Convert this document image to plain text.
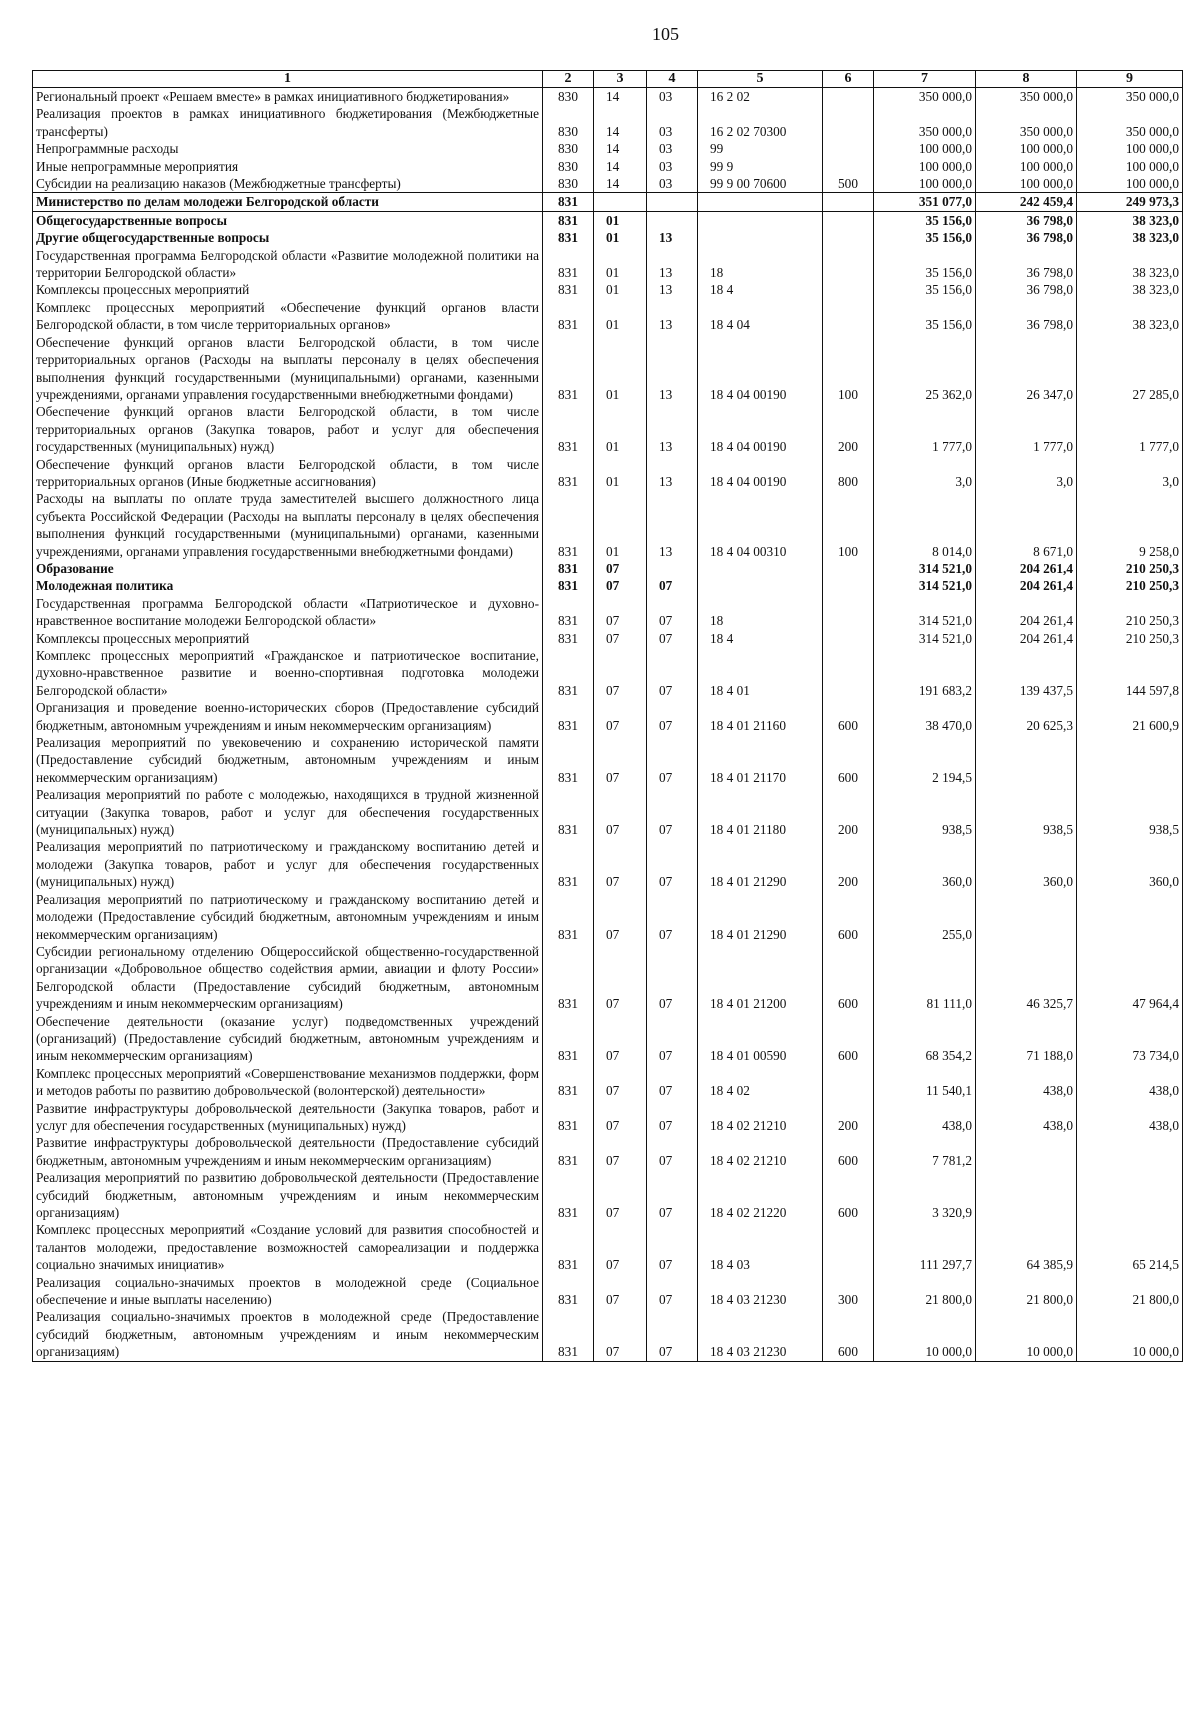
105
1	2	3	4	5	6	7	8	9
Региональный проект «Решаем вместе» в рамках инициативного бюджетирования»	830	14	03	16 2 02		350 000,0	350 000,0	350 000,0
Реализация проектов в рамках инициативного бюджетирования (Межбюджетные трансферты)	830	14	03	16 2 02 70300		350 000,0	350 000,0	350 000,0
Непрограммные расходы	830	14	03	99		100 000,0	100 000,0	100 000,0
Иные непрограммные мероприятия	830	14	03	99 9		100 000,0	100 000,0	100 000,0
Субсидии на реализацию наказов (Межбюджетные трансферты)	830	14	03	99 9 00 70600	500	100 000,0	100 000,0	100 000,0
Министерство по делам молодежи Белгородской области	831					351 077,0	242 459,4	249 973,3
Общегосударственные вопросы	831	01				35 156,0	36 798,0	38 323,0
Другие общегосударственные вопросы	831	01	13			35 156,0	36 798,0	38 323,0
Государственная программа Белгородской области «Развитие молодежной политики на территории Белгородской области»	831	01	13	18		35 156,0	36 798,0	38 323,0
Комплексы процессных мероприятий	831	01	13	18 4		35 156,0	36 798,0	38 323,0
Комплекс процессных мероприятий «Обеспечение функций органов власти Белгородской области, в том числе территориальных органов»	831	01	13	18 4 04		35 156,0	36 798,0	38 323,0
Обеспечение функций органов власти Белгородской области, в том числе территориальных органов (Расходы на выплаты персоналу в целях обеспечения выполнения функций государственными (муниципальными) органами, казенными учреждениями, органами управления государственными внебюджетными фондами)	831	01	13	18 4 04 00190	100	25 362,0	26 347,0	27 285,0
Обеспечение функций органов власти Белгородской области, в том числе территориальных органов (Закупка товаров, работ и услуг для обеспечения государственных (муниципальных) нужд)	831	01	13	18 4 04 00190	200	1 777,0	1 777,0	1 777,0
Обеспечение функций органов власти Белгородской области, в том числе территориальных органов (Иные бюджетные ассигнования)	831	01	13	18 4 04 00190	800	3,0	3,0	3,0
Расходы на выплаты по оплате труда заместителей высшего должностного лица субъекта Российской Федерации (Расходы на выплаты персоналу в целях обеспечения выполнения функций государственными (муниципальными) органами, казенными учреждениями, органами управления государственными внебюджетными фондами)	831	01	13	18 4 04 00310	100	8 014,0	8 671,0	9 258,0
Образование	831	07				314 521,0	204 261,4	210 250,3
Молодежная политика	831	07	07			314 521,0	204 261,4	210 250,3
Государственная программа Белгородской области «Патриотическое и духовно-нравственное воспитание молодежи Белгородской области»	831	07	07	18		314 521,0	204 261,4	210 250,3
Комплексы процессных мероприятий	831	07	07	18 4		314 521,0	204 261,4	210 250,3
Комплекс процессных мероприятий «Гражданское и патриотическое воспитание, духовно-нравственное развитие и военно-спортивная подготовка молодежи Белгородской области»	831	07	07	18 4 01		191 683,2	139 437,5	144 597,8
Организация и проведение военно-исторических сборов (Предоставление субсидий бюджетным, автономным учреждениям и иным некоммерческим организациям)	831	07	07	18 4 01 21160	600	38 470,0	20 625,3	21 600,9
Реализация мероприятий по увековечению и сохранению исторической памяти (Предоставление субсидий бюджетным, автономным учреждениям и иным некоммерческим организациям)	831	07	07	18 4 01 21170	600	2 194,5		
Реализация мероприятий по работе с молодежью, находящихся в трудной жизненной ситуации (Закупка товаров, работ и услуг для обеспечения государственных (муниципальных) нужд)	831	07	07	18 4 01 21180	200	938,5	938,5	938,5
Реализация мероприятий по патриотическому и гражданскому воспитанию детей и молодежи (Закупка товаров, работ и услуг для обеспечения государственных (муниципальных) нужд)	831	07	07	18 4 01 21290	200	360,0	360,0	360,0
Реализация мероприятий по патриотическому и гражданскому воспитанию детей и молодежи (Предоставление субсидий бюджетным, автономным учреждениям и иным некоммерческим организациям)	831	07	07	18 4 01 21290	600	255,0		
Субсидии региональному отделению Общероссийской общественно-государственной организации «Добровольное общество содействия армии, авиации и флоту России» Белгородской области (Предоставление субсидий бюджетным, автономным учреждениям и иным некоммерческим организациям)	831	07	07	18 4 01 21200	600	81 111,0	46 325,7	47 964,4
Обеспечение деятельности (оказание услуг) подведомственных учреждений (организаций) (Предоставление субсидий бюджетным, автономным учреждениям и иным некоммерческим организациям)	831	07	07	18 4 01 00590	600	68 354,2	71 188,0	73 734,0
Комплекс процессных мероприятий «Совершенствование механизмов поддержки, форм и методов работы по развитию добровольческой (волонтерской) деятельности»	831	07	07	18 4 02		11 540,1	438,0	438,0
Развитие инфраструктуры добровольческой деятельности (Закупка товаров, работ и услуг для обеспечения государственных (муниципальных) нужд)	831	07	07	18 4 02 21210	200	438,0	438,0	438,0
Развитие инфраструктуры добровольческой деятельности (Предоставление субсидий бюджетным, автономным учреждениям и иным некоммерческим организациям)	831	07	07	18 4 02 21210	600	7 781,2		
Реализация мероприятий по развитию добровольческой деятельности (Предоставление субсидий бюджетным, автономным учреждениям и иным некоммерческим организациям)	831	07	07	18 4 02 21220	600	3 320,9		
Комплекс процессных мероприятий «Создание условий для развития способностей и талантов молодежи, предоставление возможностей самореализации и поддержка социально значимых инициатив»	831	07	07	18 4 03		111 297,7	64 385,9	65 214,5
Реализация социально-значимых проектов в молодежной среде (Социальное обеспечение и иные выплаты населению)	831	07	07	18 4 03 21230	300	21 800,0	21 800,0	21 800,0
Реализация социально-значимых проектов в молодежной среде (Предоставление субсидий бюджетным, автономным учреждениям и иным некоммерческим организациям)	831	07	07	18 4 03 21230	600	10 000,0	10 000,0	10 000,0
